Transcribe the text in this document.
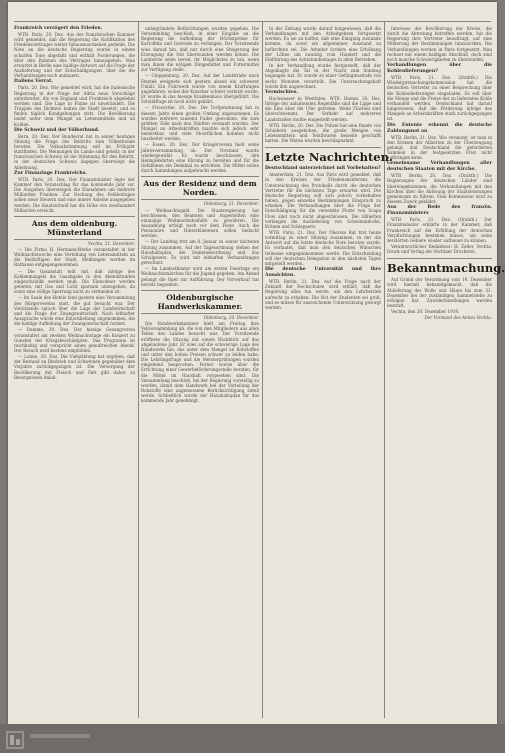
Frankreich verzögert den Frieden.

WTB. Paris, 20. Dez. Aus der französischen Kammer wird gemeldet, daß die Regierung die Ratifikation des Friedensvertrages weiter hinauszuschieben gedenkt. Die Note an die deutsche Regierung wurde in einem scharfen Tone abgefaßt und enthält Forderungen, die über den Rahmen des Vertrages hinausgehen. Man erwartet in Berlin eine baldige Antwort auf die Frage der Auslieferung und der Entschädigungen, über die die Verhandlungen noch andauern.

Italiens Verrat.

Paris, 20. Dez. Wie gemeldet wird, hat die italienische Regierung in der Frage der Adria neue Vorschläge unterbreitet, die von England und Frankreich abgelehnt worden sind. Die Lage in Fiume ist unverändert. Die Truppen des Dichters halten die Stadt besetzt, und es finden täglich Kundgebungen statt. Die Bevölkerung leidet unter dem Mangel an Lebensmitteln und an Kohlen.

Die Schweiz und der Völkerbund.

Bern, 20. Dez. Der Bundesrat hat in seiner heutigen Sitzung die Frage des Beitritts zum Völkerbunde beraten. Die Volksabstimmung soll im Frühjahr stattfinden. Die Meinungen im Lande sind geteilt; in der französischen Schweiz ist die Stimmung für den Beitritt, in der deutschen Schweiz dagegen überwiegt die Ablehnung.

Zur Finanzlage Frankreichs.

WTB. Paris, 20. Dez. Der Finanzminister legte der Kammer den Voranschlag für das kommende Jahr vor. Die Ausgaben übersteigen die Einnahmen um mehrere Milliarden Franken. Zur Deckung des Fehlbetrages sollen neue Steuern und eine innere Anleihe ausgegeben werden. Die Staatsschuld hat die Höhe von zweihundert Milliarden erreicht.

Aus dem oldenburg. Münsterland
Vechta, 21. Dezember.

— Die Firma H. Hermann-Werke veranstaltet in der Weihnachtswoche eine Verteilung von Lebensmitteln an die Bedürftigen der Stadt. Meldungen werden im Rathause entgegengenommen.

— Die Gasanstalt teilt mit, daß infolge des Kohlenmangels die Gasabgabe in den Abendstunden eingeschränkt werden muß. Die Einwohner werden gebeten, mit Gas und Licht sparsam umzugehen, da sonst eine völlige Sperrung nicht zu vermeiden ist.

— Im Saale des Hotels fand gestern eine Versammlung des Bürgervereins statt, die gut besucht war. Der Vorsitzende sprach über die Lage der Landwirtschaft und die Frage der Zwangswirtschaft. Nach lebhafter Aussprache wurde eine Entschließung angenommen, die die baldige Aufhebung der Zwangswirtschaft fordert.

— Damme, 20. Dez. Der hiesige Gesangverein veranstaltet am zweiten Weihnachtstage ein Konzert zu Gunsten der Kriegsbeschädigten. Das Programm ist reichhaltig und verspricht einen genußreichen Abend. Der Besuch wird bestens empfohlen.

— Lohne, 20. Dez. Die Viehzählung hat ergeben, daß der Bestand an Rindvieh und Schweinen gegenüber dem Vorjahre zurückgegangen ist. Die Versorgung der Bevölkerung mit Fleisch und Fett gibt daher zu Besorgnissen Anlaß.

unbegründete Befürchtungen wurden gegeben. Die Versammlung beschloß, in einer Eingabe an die Regierung die Aufhebung der Höchstpreise für Kartoffeln und Getreide zu verlangen. Der Vorsitzende wies darauf hin, daß nur durch eine Steigerung der Erzeugung die Not überwunden werden könne. Die Landwirte seien bereit, ihr Möglichstes zu tun, wenn man ihnen die nötigen Düngemittel und Futtermittel zur Verfügung stelle.

— Cloppenburg, 20. Dez. Auf der Landstraße nach Emstek ereignete sich gestern abend ein schwerer Unfall. Ein Fuhrwerk wurde von einem Kraftwagen angefahren, wobei der Kutscher schwer verletzt wurde. Er wurde in das hiesige Krankenhaus übergeführt. Die Schuldfrage ist noch nicht geklärt.

— Friesoythe, 20. Dez. Die Torfgewinnung hat in diesem Jahre einen großen Umfang angenommen. Es wurden mehrere tausend Fuder gewonnen, die zum größten Teile nach den Städten versandt wurden. Der Mangel an Arbeitskräften machte sich jedoch sehr bemerkbar, und viele Moorflächen konnten nicht bearbeitet werden.

— Essen, 20. Dez. Der Kriegerverein hielt seine Jahresversammlung ab. Der Vorstand wurde wiedergewählt. Es wurde beschlossen, den Heimgekehrten eine Ehrung zu bereiten und für die Gefallenen ein Denkmal zu errichten. Die Mittel sollen durch Sammlungen aufgebracht werden.

Aus der Residenz und dem Norden.
Oldenburg, 21. Dezember.

— Weihnachtsgeld. Die Staatsregierung hat beschlossen, den Beamten und Angestellten eine einmalige Weihnachtsbeihilfe zu gewähren. Die Auszahlung erfolgt noch vor dem Feste. Auch die Pensionäre und Hinterbliebenen sollen bedacht werden.

— Der Landtag tritt am 8. Januar zu seiner nächsten Sitzung zusammen. Auf der Tagesordnung stehen der Haushaltsplan, die Gemeindeordnung und das Schulgesetz. Es wird mit lebhaften Verhandlungen gerechnet.

— Im Landestheater wird am ersten Feiertage ein Weihnachtsmärchen für die Jugend gegeben. Am Abend gelangt die Oper zur Aufführung. Der Vorverkauf hat bereits begonnen.

Oldenburgische Handwerkskammer.
Oldenburg, 20. Dezember.

Die Handwerkskammer hielt am Freitag ihre Vollversammlung ab, die von den Mitgliedern aus allen Teilen des Landes besucht war. Der Vorsitzende eröffnete die Sitzung mit einem Rückblick auf das abgelaufene Jahr. Er wies auf die schwierige Lage des Handwerks hin, das unter dem Mangel an Rohstoffen und unter den hohen Preisen schwer zu leiden habe. Die Lehrlingsfrage und die Meisterprüfungen wurden eingehend besprochen. Ferner wurde über die Errichtung einer Gewerbeförderungsstelle beraten, für die Mittel im Haushalt vorgesehen sind. Die Versammlung beschloß, bei der Regierung vorstellig zu werden, damit dem Handwerk bei der Verteilung der Rohstoffe eine angemessene Berücksichtigung zuteil werde. Schließlich wurde der Haushaltsplan für das kommende Jahr genehmigt.

In der Zeitung wurde darauf hingewiesen, daß die Verhandlungen mit den Arbeitgebern fortgesetzt werden. Es sei zu hoffen, daß eine Einigung zustande komme, da sonst ein allgemeiner Ausstand zu befürchten sei. Die Arbeiter fordern eine Erhöhung der Löhne um zwanzig vom Hundert und die Einführung des Achtstundentages in allen Betrieben.

In der Verhandlung wurde festgestellt, daß der Angeklagte die Tat in der Nacht zum Sonntag begangen hat. Er wurde zu einer Gefängnisstrafe von sechs Monaten verurteilt. Die Untersuchungshaft wurde ihm angerechnet.

Vermischtes.

Hochwasser in Westfalen. WTB. Hamm, 20. Dez. Infolge der anhaltenden Regenfälle sind die Lippe und die Ems über die Ufer getreten. Weite Flächen sind überschwemmt. Der Verkehr auf mehreren Landstraßen mußte eingestellt werden.

WTB. Berlin, 20. Dez. Die Polizei hat eine Bande von Schiebern ausgehoben, die große Mengen von Lebensmitteln und Textilwaren beiseite geschafft hatten. Die Waren wurden beschlagnahmt.

Letzte Nachrichten.
Deutschland unterzeichnet mit Vorbehalten?

Amsterdam, 21. Dez. Aus Paris wird gemeldet, daß in den Kreisen der Friedenskonferenz die Unterzeichnung des Protokolls durch die deutschen Vertreter für die nächsten Tage erwartet wird. Die deutsche Regierung soll sich jedoch vorbehalten haben, gegen einzelne Bestimmungen Einspruch zu erheben. Die Verhandlungen über die Frage der Entschädigung für die versenkte Flotte von Scapa Flow sind noch nicht abgeschlossen. Die Alliierten verlangen die Auslieferung von Schwimmdocks, Kränen und Schleppern.

WTB. Paris, 21. Dez. Der Oberste Rat trat heute vormittag zu einer Sitzung zusammen, in der die Antwort auf die letzte deutsche Note beraten wurde. Es verlautet, daß man den deutschen Wünschen teilweise entgegenkommen werde. Die Entscheidung soll der deutschen Delegation in den nächsten Tagen mitgeteilt werden.

Die deutsche Universität und ihre Aussichten.

WTB. Berlin, 21. Dez. Auf die Frage nach der Zukunft der Hochschulen wird erklärt, daß die Regierung alles tun werde, um den Lehrbetrieb aufrecht zu erhalten. Die Not der Studenten sei groß, und es müsse für ausreichende Unterstützung gesorgt werden.

Interesse der Bevölkerung der Kreise, die durch die Abtretung betroffen werden, hat die Regierung ihre Vertreter beauftragt, auf eine Milderung der Bestimmungen hinzuwirken. Die Verhandlungen werden in Paris fortgesetzt. Man rechnet mit einem baldigen Abschluß, doch sind noch manche Schwierigkeiten zu überwinden.

Verhandlungen über die Kohlenlieferungen?

WTB. Paris, 21. Dez. (Drahtb.) Die Wiedergutmachungskommission hat die deutschen Vertreter zu einer Besprechung über die Kohlenlieferungen eingeladen. Es soll über die Menge und die Preise der zu liefernden Kohle verhandelt werden. Deutschland hat darauf hingewiesen, daß die Förderung infolge des Mangels an Arbeitskräften stark zurückgegangen ist.

Die Entente erkennt die deutsche Zahlungsnot an

WTB. Berlin, 21. Dez. Wie verlautet, ist man in den Kreisen der Alliierten zu der Überzeugung gelangt, daß Deutschland die geforderten Summen in der festgesetzten Frist nicht aufbringen kann.

Gemeinsame Verhandlungen aller deutschen Staaten mit der Kirche.

WTB. Berlin, 20. Dez. (Drahtb.) Die Regierungen der deutschen Länder sind übereingekommen, die Verhandlungen mit den Kirchen über die Ablösung der Staatsleistungen gemeinsam zu führen. Eine Kommission wird zu diesem Zweck gebildet.

Aus der Rede des französ. Finanzministers

WTB. Paris, 21. Dez. (Drahtb.) Der Finanzminister erklärte in der Kammer, daß Frankreich auf die Erfüllung der deutschen Verpflichtungen bestehen müsse, um seine zerstörten Gebiete wieder aufbauen zu können.

Verantwortlicher Redakteur: H. Zeller, Vechta. Druck und Verlag der Vechtaer Druckerei.

Bekanntmachung.

Auf Grund der Verordnung vom 19. Dezember wird hiermit bekanntgemacht, daß die Ablieferung der Wolle und Häute bis zum 31. Dezember bei der zuständigen Sammelstelle zu erfolgen hat. Zuwiderhandlungen werden bestraft.

Vechta, den 20. Dezember 1919.

Der Vorstand des Amtes Vechta.
